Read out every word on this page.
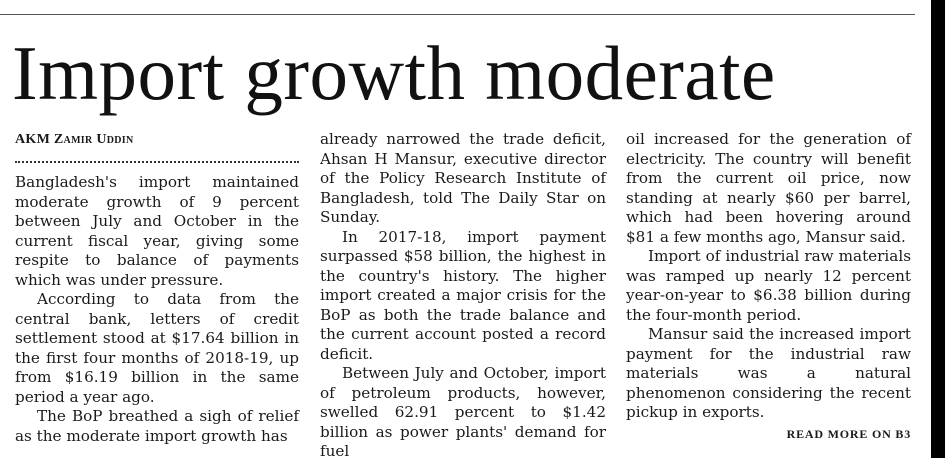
Import growth moderate
AKM Zamir Uddin

Bangladesh's import maintained moderate growth of 9 percent between July and October in the current fiscal year, giving some respite to balance of payments which was under pressure.

According to data from the central bank, letters of credit settlement stood at $17.64 billion in the first four months of 2018-19, up from $16.19 billion in the same period a year ago.

The BoP breathed a sigh of relief as the moderate import growth has

already narrowed the trade deficit, Ahsan H Mansur, executive director of the Policy Research Institute of Bangladesh, told The Daily Star on Sunday.

In 2017-18, import payment surpassed $58 billion, the highest in the country's history. The higher import created a major crisis for the BoP as both the trade balance and the current account posted a record deficit.

Between July and October, import of petroleum products, however, swelled 62.91 percent to $1.42 billion as power plants' demand for fuel

oil increased for the generation of electricity. The country will benefit from the current oil price, now standing at nearly $60 per barrel, which had been hovering around $81 a few months ago, Mansur said.

Import of industrial raw materials was ramped up nearly 12 percent year-on-year to $6.38 billion during the four-month period.

Mansur said the increased import payment for the industrial raw materials was a natural phenomenon considering the recent pickup in exports.

READ MORE ON B3
